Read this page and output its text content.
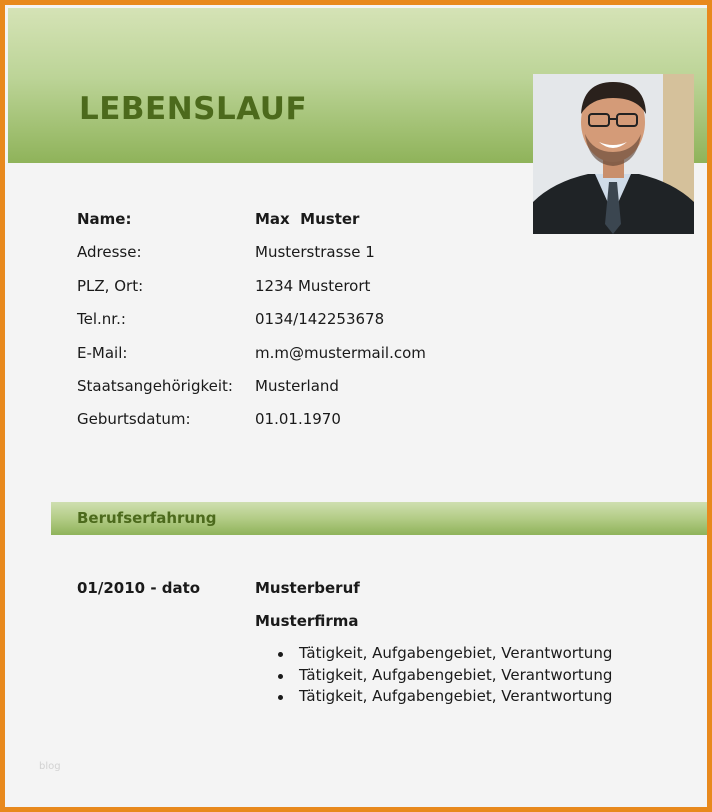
LEBENSLAUF
Name:	Max  Muster
Adresse:	Musterstrasse 1
PLZ, Ort:	1234 Musterort
Tel.nr.:	0134/142253678
E-Mail:	m.m@mustermail.com
Staatsangehörigkeit:	Musterland
Geburtsdatum:	01.01.1970
Berufserfahrung
01/2010 - dato	Musterberuf
Musterfirma
Tätigkeit, Aufgabengebiet, Verantwortung
Tätigkeit, Aufgabengebiet, Verantwortung
Tätigkeit, Aufgabengebiet, Verantwortung
blog
